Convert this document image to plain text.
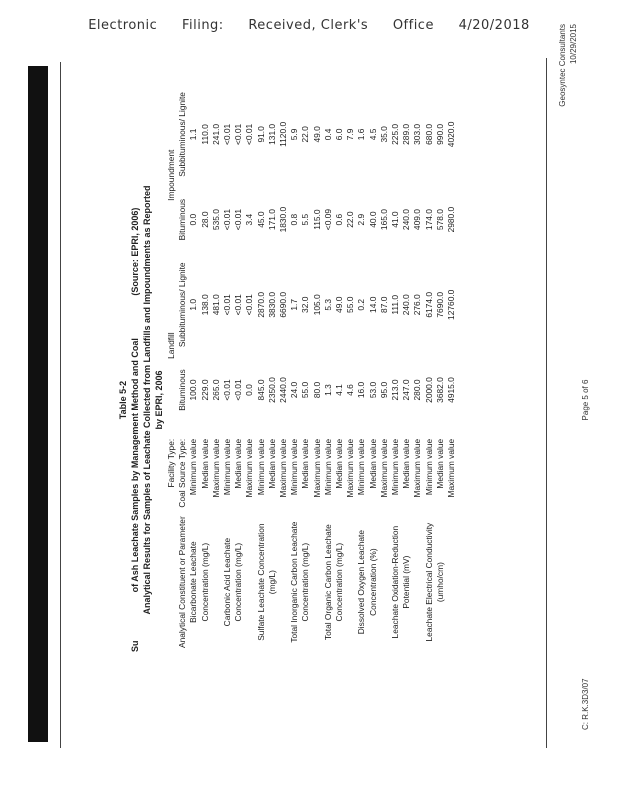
Electronic Filing: Received, Clerk's Office 4/20/2018
Table 5-2
Su
of Ash Leachate Samples by Management Method and Coal (Source: EPRI, 2006) Analytical Results for Samples of Leachate Collected from Landfills and Impoundments as Reported by EPRI, 2006
	Facility Type:	Landfill		Impoundment	
Analytical Constituent or Parameter	Coal Source Type:	Bituminous	Subbituminous/ Lignite	Bituminous	Subbituminous/ Lignite
Bicarbonate Leachate Concentration (mg/L)	Minimum value	100.0	1.0	0.0	1.1
	Median value	229.0	138.0	28.0	110.0
	Maximum value	265.0	481.0	535.0	241.0
Carbonic Acid Leachate Concentration (mg/L)	Minimum value	<0.01	<0.01	<0.01	<0.01
	Median value	<0.01	<0.01	<0.01	<0.01
	Maximum value	0.0	<0.01	3.4	<0.01
Sulfate Leachate Concentration (mg/L)	Minimum value	845.0	2870.0	45.0	91.0
	Median value	2350.0	3830.0	171.0	131.0
	Maximum value	2440.0	6690.0	1830.0	1120.0
Total Inorganic Carbon Leachate Concentration (mg/L)	Minimum value	24.0	1.7	0.8	5.9
	Median value	55.0	32.0	5.5	22.0
	Maximum value	80.0	105.0	115.0	49.0
Total Organic Carbon Leachate Concentration (mg/L)	Minimum value	1.3	5.3	<0.09	0.4
	Median value	4.1	49.0	0.6	6.0
	Maximum value	4.6	55.0	22.0	7.9
Dissolved Oxygen Leachate Concentration (%)	Minimum value	16.0	0.2	2.9	1.6
	Median value	53.0	14.0	40.0	4.5
	Maximum value	95.0	87.0	165.0	35.0
Leachate Oxidation-Reduction Potential (mV)	Minimum value	213.0	111.0	41.0	225.0
	Median value	247.0	240.0	240.0	289.0
	Maximum value	280.0	276.0	409.0	303.0
Leachate Electrical Conductivity (umho/cm)	Minimum value	2000.0	6174.0	174.0	680.0
	Median value	3682.0	7690.0	578.0	990.0
	Maximum value	4915.0	12760.0	2980.0	4020.0
C: R.K.3D3/07
Page 5 of 6
Geosyntec Consultants 10/29/2015
